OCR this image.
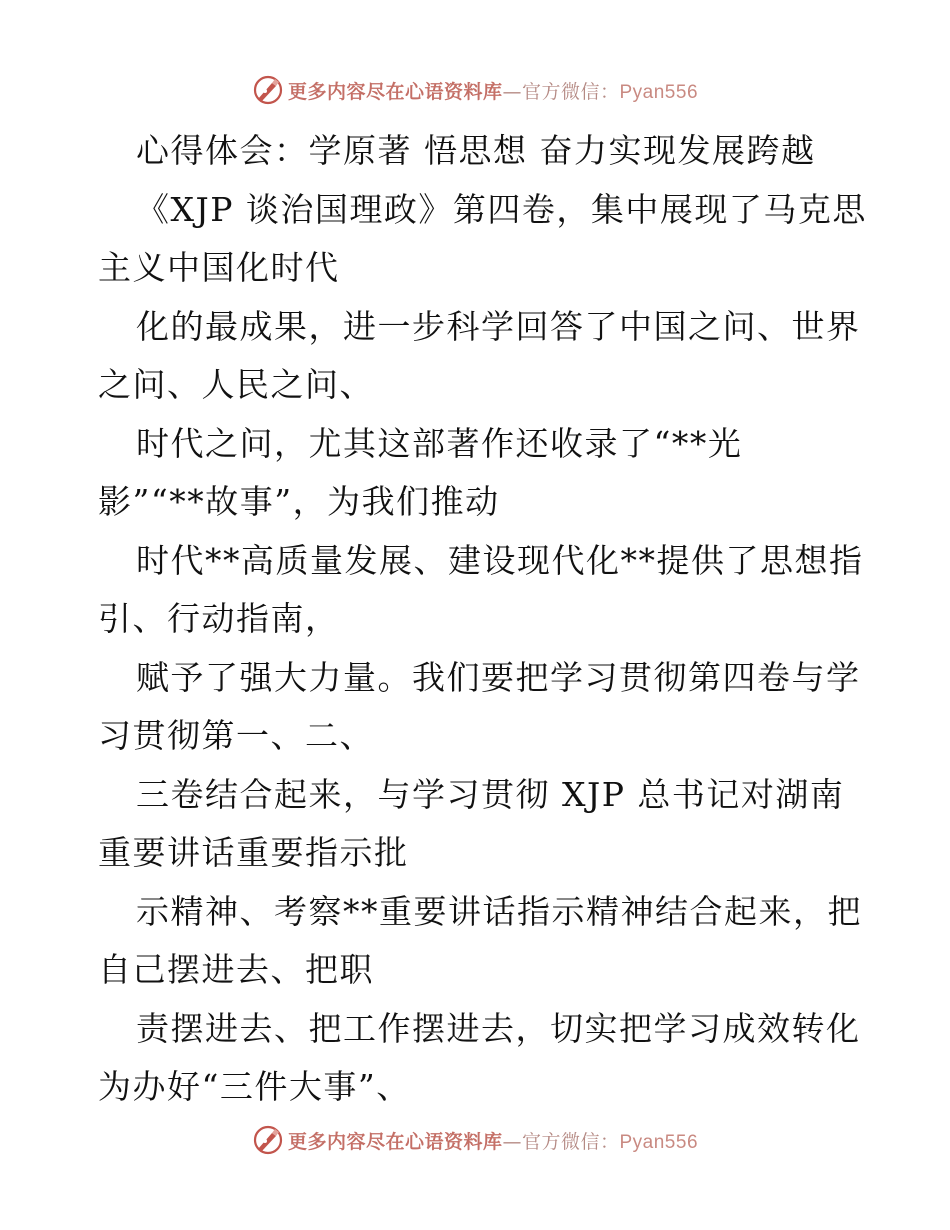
更多内容尽在心语资料库—官方微信：Pyan556
心得体会：学原著 悟思想 奋力实现发展跨越
《XJP 谈治国理政》第四卷，集中展现了马克思
主义中国化时代
化的最成果，进一步科学回答了中国之问、世界
之问、人民之问、
时代之问，尤其这部著作还收录了“**光
影”“**故事”，为我们推动
时代**高质量发展、建设现代化**提供了思想指
引、行动指南，
赋予了强大力量。我们要把学习贯彻第四卷与学
习贯彻第一、二、
三卷结合起来，与学习贯彻 XJP 总书记对湖南
重要讲话重要指示批
示精神、考察**重要讲话指示精神结合起来，把
自己摆进去、把职
责摆进去、把工作摆进去，切实把学习成效转化
为办好“三件大事”、
更多内容尽在心语资料库—官方微信：Pyan556
